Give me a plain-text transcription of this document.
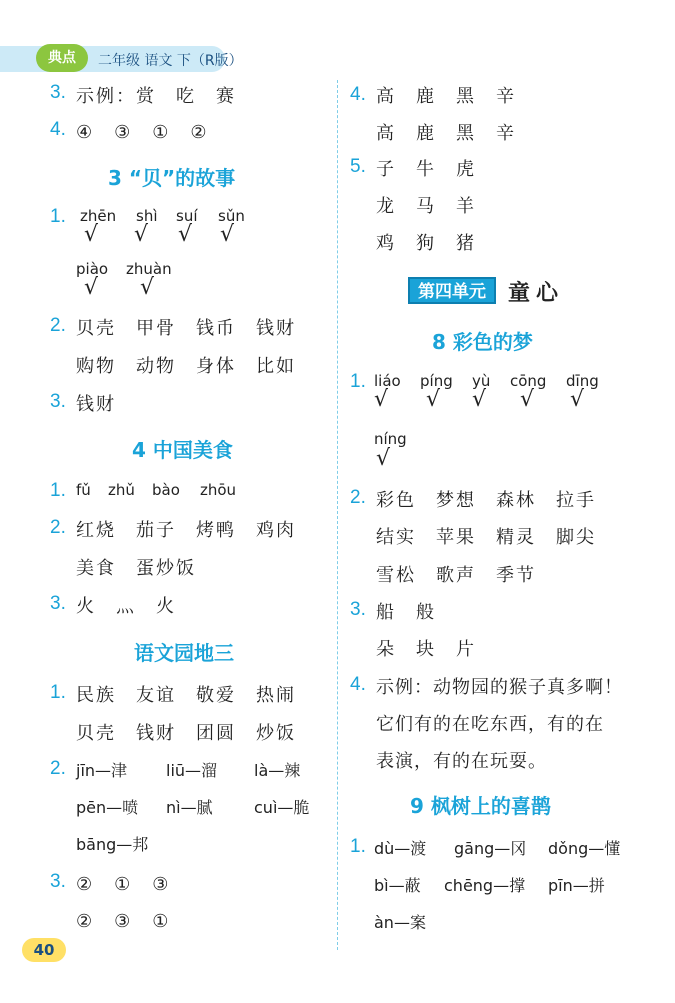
典点	二年级 语文 下（R版）
3. 示例：赏　吃　赛
4. ④　③　①　②
3 “贝”的故事
1. zhēn shì suí sǔn
√ √ √ √
piào zhuàn
√ √
2. 贝壳　甲骨　钱币　钱财
购物　动物　身体　比如
3. 钱财
4 中国美食
1. fǔ zhǔ bào zhōu
2. 红烧　茄子　烤鸭　鸡肉
美食　蛋炒饭
3. 火　灬　火
语文园地三
1. 民族　友谊　敬爱　热闹
贝壳　钱财　团圆　炒饭
2. jīn—津 liū—溜 là—辣
pēn—喷 nì—腻	cuì—脆
bāng—邦
3. ②　①　③
②　③　①
40
4. 高　鹿　黑　辛
高　鹿　黑　辛
5. 子　牛　虎
龙　马　羊
鸡　狗　猪
第四单元	童心
8 彩色的梦
1. liáo píng yù cōng dīng
√ √ √ √ √
níng
√
2. 彩色　梦想　森林　拉手
结实　苹果　精灵　脚尖
雪松　歌声　季节
3. 船　般
朵　块　片
4. 示例：动物园的猴子真多啊！
它们有的在吃东西，有的在
表演，有的在玩耍。
9 枫树上的喜鹊
1. dù—渡 gāng—冈 dǒng—懂
bì—蔽 chēng—撑 pīn—拼
àn—案
